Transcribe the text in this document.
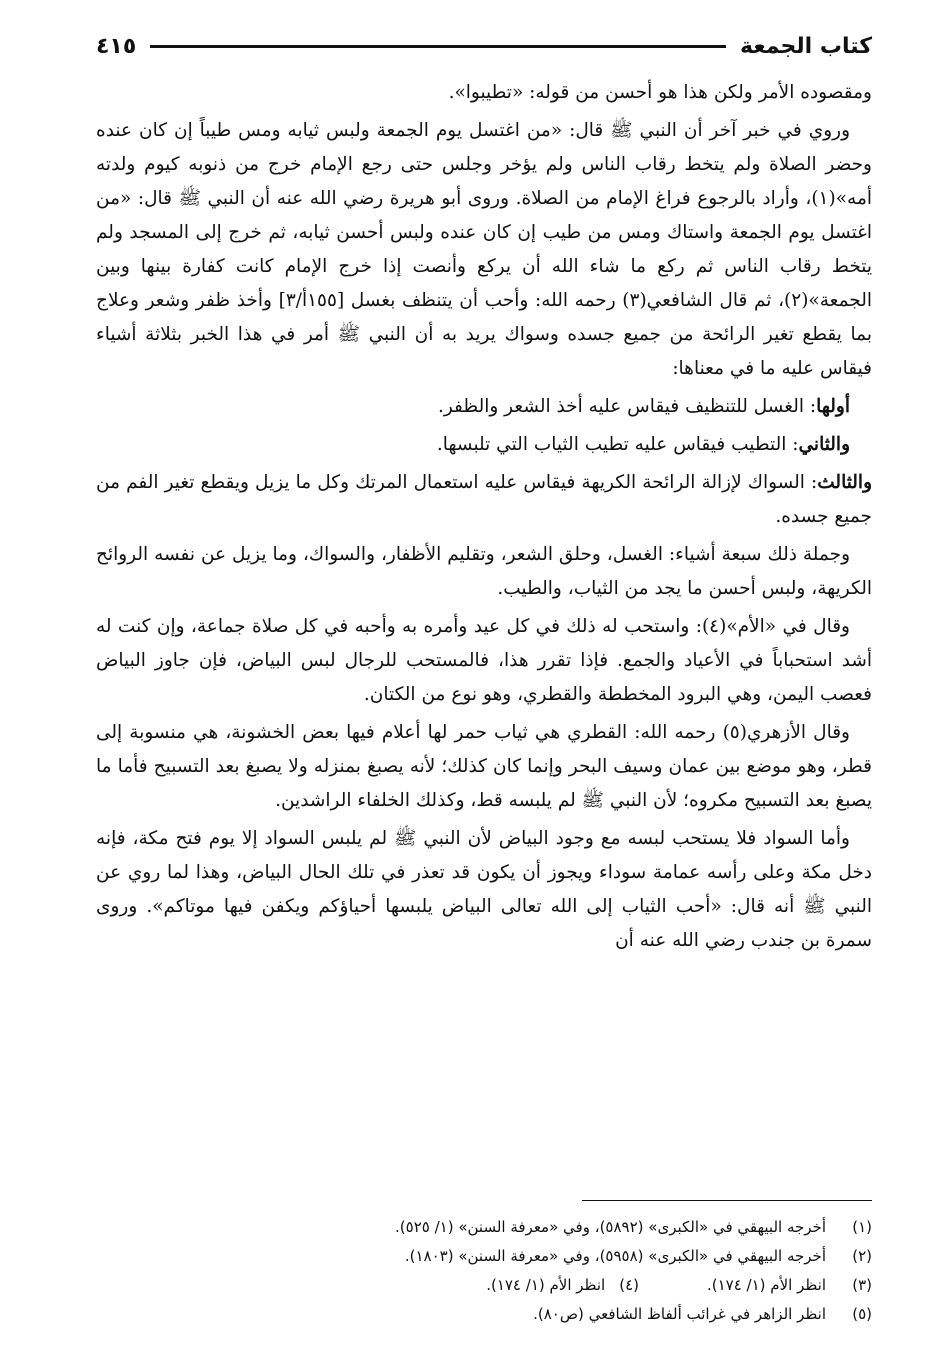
كتاب الجمعة
٤١٥

ومقصوده الأمر ولكن هذا هو أحسن من قوله: «تطيبوا».

وروي في خبر آخر أن النبي ﷺ قال: «من اغتسل يوم الجمعة ولبس ثيابه ومس طيباً إن كان عنده وحضر الصلاة ولم يتخط رقاب الناس ولم يؤخر وجلس حتى رجع الإمام خرج من ذنوبه كيوم ولدته أمه»(١)، وأراد بالرجوع فراغ الإمام من الصلاة. وروى أبو هريرة رضي الله عنه أن النبي ﷺ قال: «من اغتسل يوم الجمعة واستاك ومس من طيب إن كان عنده ولبس أحسن ثيابه، ثم خرج إلى المسجد ولم يتخط رقاب الناس ثم ركع ما شاء الله أن يركع وأنصت إذا خرج الإمام كانت كفارة بينها وبين الجمعة»(٢)، ثم قال الشافعي(٣) رحمه الله: وأحب أن يتنظف بغسل [١٥٥أ/٣] وأخذ ظفر وشعر وعلاج بما يقطع تغير الرائحة من جميع جسده وسواك يريد به أن النبي ﷺ أمر في هذا الخبر بثلاثة أشياء فيقاس عليه ما في معناها:

أولها: الغسل للتنظيف فيقاس عليه أخذ الشعر والظفر.

والثاني: التطيب فيقاس عليه تطيب الثياب التي تلبسها.

والثالث: السواك لإزالة الرائحة الكريهة فيقاس عليه استعمال المرتك وكل ما يزيل ويقطع تغير الفم من جميع جسده.

وجملة ذلك سبعة أشياء: الغسل، وحلق الشعر، وتقليم الأظفار، والسواك، وما يزيل عن نفسه الروائح الكريهة، ولبس أحسن ما يجد من الثياب، والطيب.

وقال في «الأم»(٤): واستحب له ذلك في كل عيد وأمره به وأحبه في كل صلاة جماعة، وإن كنت له أشد استحباباً في الأعياد والجمع. فإذا تقرر هذا، فالمستحب للرجال لبس البياض، فإن جاوز البياض فعصب اليمن، وهي البرود المخططة والقطري، وهو نوع من الكتان.

وقال الأزهري(٥) رحمه الله: القطري هي ثياب حمر لها أعلام فيها بعض الخشونة، هي منسوبة إلى قطر، وهو موضع بين عمان وسيف البحر وإنما كان كذلك؛ لأنه يصبغ بمنزله ولا يصبغ بعد التسبيح فأما ما يصبغ بعد التسبيح مكروه؛ لأن النبي ﷺ لم يلبسه قط، وكذلك الخلفاء الراشدين.

وأما السواد فلا يستحب لبسه مع وجود البياض لأن النبي ﷺ لم يلبس السواد إلا يوم فتح مكة، فإنه دخل مكة وعلى رأسه عمامة سوداء ويجوز أن يكون قد تعذر في تلك الحال البياض، وهذا لما روي عن النبي ﷺ أنه قال: «أحب الثياب إلى الله تعالى البياض يلبسها أحياؤكم ويكفن فيها موتاكم». وروى سمرة بن جندب رضي الله عنه أن

(١)
أخرجه البيهقي في «الكبرى» (٥٨٩٢)، وفي «معرفة السنن» (١/ ٥٢٥).
(٢)
أخرجه البيهقي في «الكبرى» (٥٩٥٨)، وفي «معرفة السنن» (١٨٠٣).
(٣)
انظر الأم (١/ ١٧٤).
(٤)
انظر الأم (١/ ١٧٤).
(٥)
انظر الزاهر في غرائب ألفاظ الشافعي (ص٨٠).
